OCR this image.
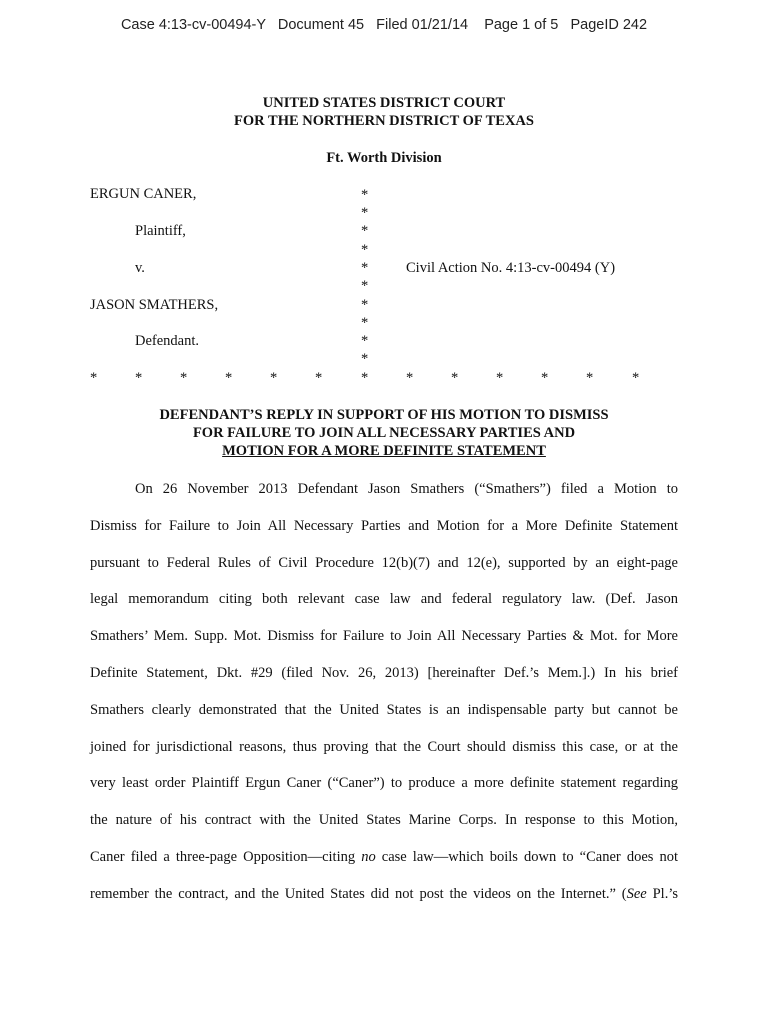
Case 4:13-cv-00494-Y   Document 45   Filed 01/21/14    Page 1 of 5   PageID 242
UNITED STATES DISTRICT COURT
FOR THE NORTHERN DISTRICT OF TEXAS
Ft. Worth Division
ERGUN CANER,
Plaintiff,
v.	Civil Action No. 4:13-cv-00494 (Y)
JASON SMATHERS,
Defendant.
*
*
*
*
*
*
*
*
*
*
*	*	*	*	*	*	*	*	*	*	*	*	*
DEFENDANT’S REPLY IN SUPPORT OF HIS MOTION TO DISMISS
FOR FAILURE TO JOIN ALL NECESSARY PARTIES AND
MOTION FOR A MORE DEFINITE STATEMENT
On 26 November 2013 Defendant Jason Smathers (“Smathers”) filed a Motion to
Dismiss for Failure to Join All Necessary Parties and Motion for a More Definite Statement
pursuant to Federal Rules of Civil Procedure 12(b)(7) and 12(e), supported by an eight-page
legal memorandum citing both relevant case law and federal regulatory law. (Def. Jason
Smathers’ Mem. Supp. Mot. Dismiss for Failure to Join All Necessary Parties & Mot. for More
Definite Statement, Dkt. #29 (filed Nov. 26, 2013) [hereinafter Def.’s Mem.].) In his brief
Smathers clearly demonstrated that the United States is an indispensable party but cannot be
joined for jurisdictional reasons, thus proving that the Court should dismiss this case, or at the
very least order Plaintiff Ergun Caner (“Caner”) to produce a more definite statement regarding
the nature of his contract with the United States Marine Corps. In response to this Motion,
Caner filed a three-page Opposition—citing no case law—which boils down to “Caner does not
remember the contract, and the United States did not post the videos on the Internet.” (See Pl.’s
